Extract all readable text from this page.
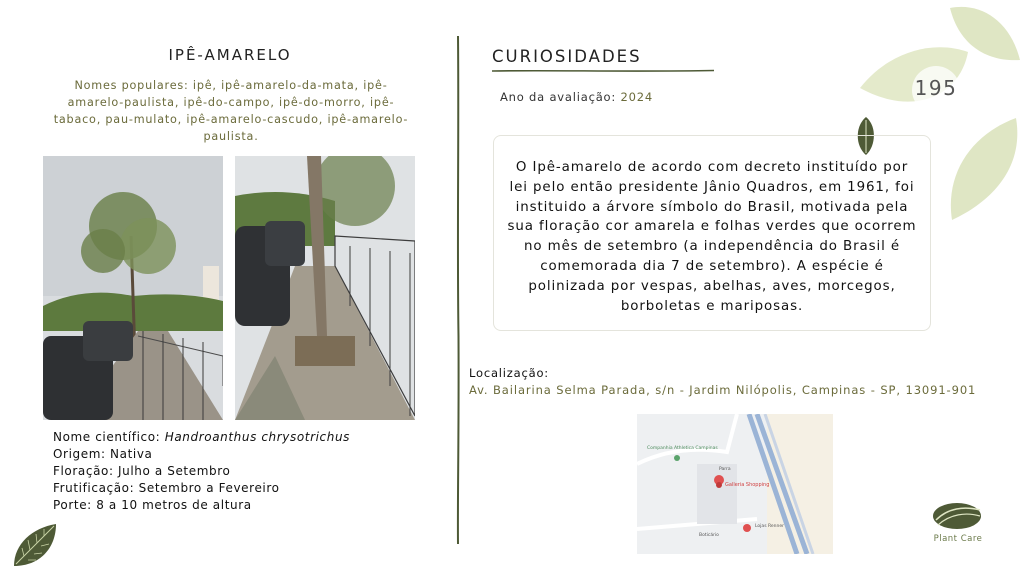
195
IPÊ-AMARELO
Nomes populares: ipê, ipê-amarelo-da-mata, ipê-amarelo-paulista, ipê-do-campo, ipê-do-morro, ipê-tabaco, pau-mulato, ipê-amarelo-cascudo, ipê-amarelo-paulista.
Nome científico: Handroanthus chrysotrichus
Origem: Nativa
Floração: Julho a Setembro
Frutificação: Setembro a Fevereiro
Porte: 8 a 10 metros de altura
CURIOSIDADES
Ano da avaliação: 2024
O Ipê-amarelo de acordo com decreto instituído por lei pelo então presidente Jânio Quadros, em 1961, foi instituido a árvore símbolo do Brasil, motivada pela sua floração cor amarela e folhas verdes que ocorrem no mês de setembro (a independência do Brasil é comemorada dia 7 de setembro). A espécie é polinizada por vespas, abelhas, aves, morcegos, borboletas e mariposas.
Localização:
Av. Bailarina Selma Parada, s/n - Jardim Nilópolis, Campinas - SP, 13091-901
Galleria Shopping
Lojas Renner
Boticário
Companhia Athletica Campinas
Parra
Plant Care
